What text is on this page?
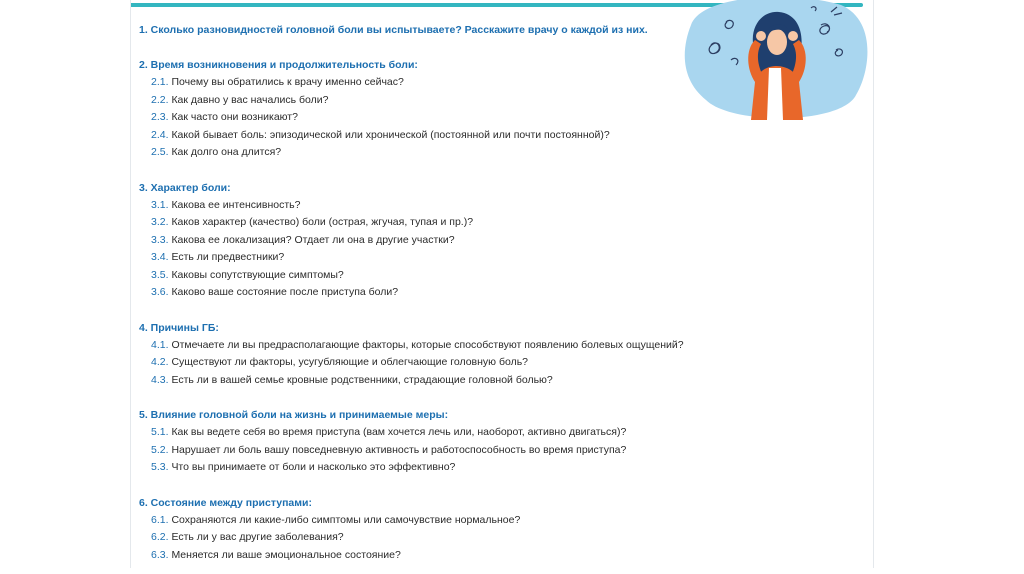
1. Сколько разновидностей головной боли вы испытываете? Расскажите врачу о каждой из них.
2. Время возникновения и продолжительность боли:
2.1. Почему вы обратились к врачу именно сейчас?
2.2. Как давно у вас начались боли?
2.3. Как часто они возникают?
2.4. Какой бывает боль: эпизодической или хронической (постоянной или почти постоянной)?
2.5. Как долго она длится?
3. Характер боли:
3.1. Какова ее интенсивность?
3.2. Каков характер (качество) боли (острая, жгучая, тупая и пр.)?
3.3. Какова ее локализация? Отдает ли она в другие участки?
3.4. Есть ли предвестники?
3.5. Каковы сопутствующие симптомы?
3.6. Каково ваше состояние после приступа боли?
4. Причины ГБ:
4.1. Отмечаете ли вы предрасполагающие факторы, которые способствуют появлению болевых ощущений?
4.2. Существуют ли факторы, усугубляющие и облегчающие головную боль?
4.3. Есть ли в вашей семье кровные родственники, страдающие головной болью?
5. Влияние головной боли на жизнь и принимаемые меры:
5.1. Как вы ведете себя во время приступа (вам хочется лечь или, наоборот, активно двигаться)?
5.2. Нарушает ли боль вашу повседневную активность и работоспособность во время приступа?
5.3. Что вы принимаете от боли и насколько это эффективно?
6. Состояние между приступами:
6.1. Сохраняются ли какие-либо симптомы или самочувствие нормальное?
6.2. Есть ли у вас другие заболевания?
6.3. Меняется ли ваше эмоциональное состояние?
